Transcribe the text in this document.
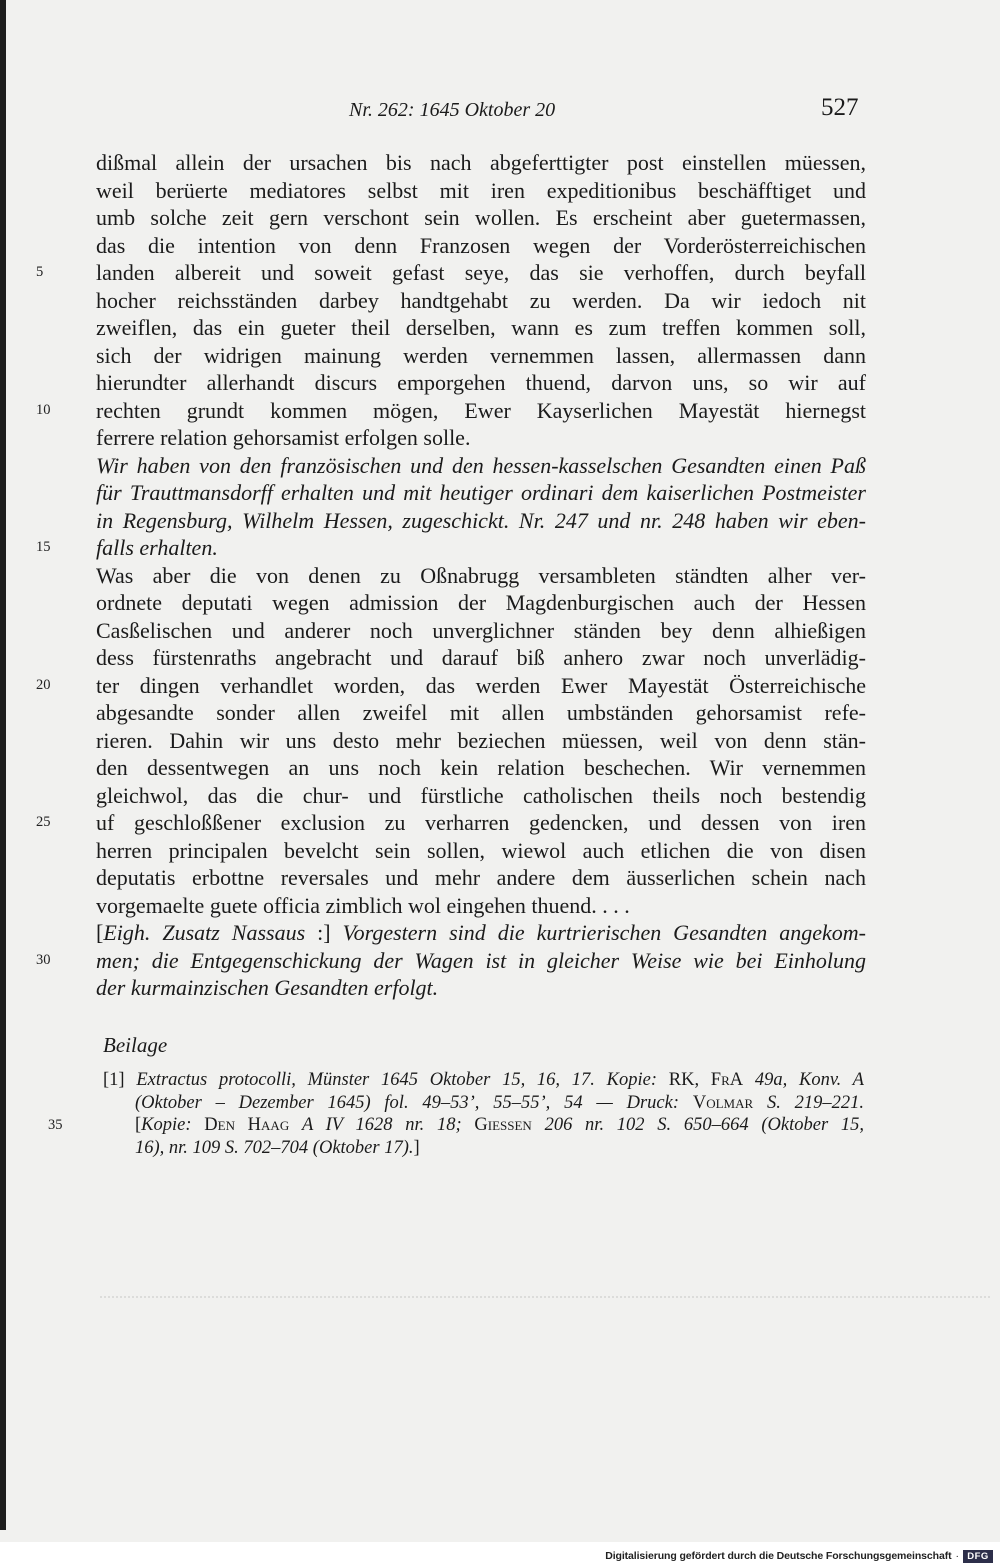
Nr. 262: 1645 Oktober 20	527
dißmal allein der ursachen bis nach abgeferttigter post einstellen müessen,
weil berüerte mediatores selbst mit iren expeditionibus beschäfftiget und
umb solche zeit gern verschont sein wollen. Es erscheint aber guetermassen,
das die intention von denn Franzosen wegen der Vorderösterreichischen
5	landen albereit und soweit gefast seye, das sie verhoffen, durch beyfall
hocher reichsständen darbey handtgehabt zu werden. Da wir iedoch nit
zweiflen, das ein gueter theil derselben, wann es zum treffen kommen soll,
sich der widrigen mainung werden vernemmen lassen, allermassen dann
hierundter allerhandt discurs emporgehen thuend, darvon uns, so wir auf
10 rechten grundt kommen mögen, Ewer Kayserlichen Mayestät hiernegst
ferrere relation gehorsamist erfolgen solle.
Wir haben von den französischen und den hessen-kasselschen Gesandten einen Paß
für Trauttmansdorff erhalten und mit heutiger ordinari dem kaiserlichen Postmeister
in Regensburg, Wilhelm Hessen, zugeschickt. Nr. 247 und nr. 248 haben wir eben-
15 falls erhalten.
Was aber die von denen zu Oßnabrugg versambleten ständten alher ver-
ordnete deputati wegen admission der Magdenburgischen auch der Hessen
Casßelischen und anderer noch unverglichner ständen bey denn alhießigen
dess fürstenraths angebracht und darauf biß anhero zwar noch unverlädig-
20 ter dingen verhandlet worden, das werden Ewer Mayestät Österreichische
abgesandte sonder allen zweifel mit allen umbständen gehorsamist refe-
rieren. Dahin wir uns desto mehr beziechen müessen, weil von denn stän-
den dessentwegen an uns noch kein relation beschechen. Wir vernemmen
gleichwol, das die chur- und fürstliche catholischen theils noch bestendig
25 uf geschloßßener exclusion zu verharren gedencken, und dessen von iren
herren principalen bevelcht sein sollen, wiewol auch etlichen die von disen
deputatis erbottne reversales und mehr andere dem äusserlichen schein nach
vorgemaelte guete officia zimblich wol eingehen thuend. . . .
[Eigh. Zusatz Nassaus :] Vorgestern sind die kurtrierischen Gesandten angekom-
30 men; die Entgegenschickung der Wagen ist in gleicher Weise wie bei Einholung
der kurmainzischen Gesandten erfolgt.
Beilage
[1] Extractus protocolli, Münster 1645 Oktober 15, 16, 17. Kopie: RK, FrA 49a, Konv. A
(Oktober – Dezember 1645) fol. 49–53’, 55–55’, 54 — Druck: Volmar S. 219–221.
35	[Kopie: Den Haag A IV 1628 nr. 18; Giessen 206 nr. 102 S. 650–664 (Oktober 15,
16), nr. 109 S. 702–704 (Oktober 17).]
Digitalisierung gefördert durch die Deutsche Forschungsgemeinschaft · DFG
